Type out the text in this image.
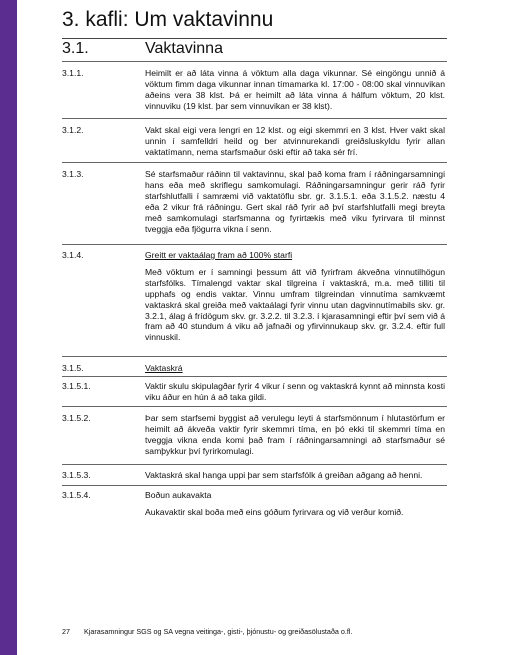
3. kafli: Um vaktavinnu
3.1.	Vaktavinna
3.1.1.	Heimilt er að láta vinna á vöktum alla daga vikunnar. Sé eingöngu unnið á vöktum fimm daga vikunnar innan tímamarka kl. 17:00 - 08:00 skal vinnuvikan aðeins vera 38 klst. Þá er heimilt að láta vinna á hálfum vöktum, 20 klst. vinnuviku (19 klst. þar sem vinnuvikan er 38 klst).

3.1.2.	Vakt skal eigi vera lengri en 12 klst. og eigi skemmri en 3 klst. Hver vakt skal unnin í samfelldri heild og ber atvinnurekandi greiðsluskyldu fyrir allan vaktatímann, nema starfsmaður óski eftir að taka sér frí.

3.1.3.	Sé starfsmaður ráðinn til vaktavinnu, skal það koma fram í ráðningarsamningi hans eða með skriflegu samkomulagi. Ráðningarsamningur gerir ráð fyrir starfshlutfalli í samræmi við vaktatöflu sbr. gr. 3.1.5.1. eða 3.1.5.2. næstu 4 eða 2 vikur frá ráðningu. Gert skal ráð fyrir að því starfshlutfalli megi breyta með samkomulagi starfsmanna og fyrirtækis með viku fyrirvara til minnst tveggja eða fjögurra vikna í senn.

3.1.4.	Greitt er vaktaálag fram að 100% starfi

Með vöktum er í samningi þessum átt við fyrirfram ákveðna vinnutilhögun starfsfólks. Tímalengd vaktar skal tilgreina í vaktaskrá, m.a. með tilliti til upphafs og endis vaktar. Vinnu umfram tilgreindan vinnutíma samkvæmt vaktaskrá skal greiða með vaktaálagi fyrir vinnu utan dagvinnutímabils skv. gr. 3.2.1, álag á frídögum skv. gr. 3.2.2. til 3.2.3. í kjarasamningi eftir því sem við á fram að 40 stundum á viku að jafnaði og yfirvinnukaup skv. gr. 3.2.4. eftir full vinnuskil.

3.1.5.	Vaktaskrá

3.1.5.1.	Vaktir skulu skipulagðar fyrir 4 vikur í senn og vaktaskrá kynnt að minnsta kosti viku áður en hún á að taka gildi.

3.1.5.2.	Þar sem starfsemi byggist að verulegu leyti á starfsmönnum í hlutastörfum er heimilt að ákveða vaktir fyrir skemmri tíma, en þó ekki til skemmri tíma en tveggja vikna enda komi það fram í ráðningarsamningi að starfsmaður sé samþykkur því fyrirkomulagi.

3.1.5.3.	Vaktaskrá skal hanga uppi þar sem starfsfólk á greiðan aðgang að henni.

3.1.5.4.	Boðun aukavakta

Aukavaktir skal boða með eins góðum fyrirvara og við verður komið.

27 Kjarasamningur SGS og SA vegna veitinga-, gisti-, þjónustu- og greiðasölustaða o.fl.
